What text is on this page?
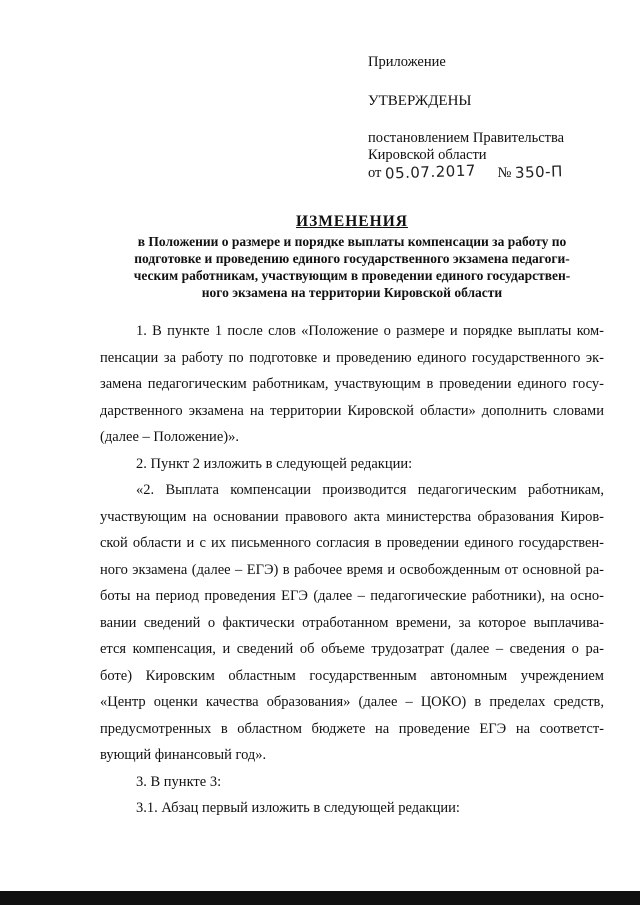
Приложение
УТВЕРЖДЕНЫ
постановлением Правительства
Кировской области
от 05.07.2017 № 350-П
ИЗМЕНЕНИЯ
в Положении о размере и порядке выплаты компенсации за работу по
подготовке и проведению единого государственного экзамена педагоги-
ческим работникам, участвующим в проведении единого государствен-
ного экзамена на территории Кировской области
1. В пункте 1 после слов «Положение о размере и порядке выплаты ком-
пенсации за работу по подготовке и проведению единого государственного эк-
замена педагогическим работникам, участвующим в проведении единого госу-
дарственного экзамена на территории Кировской области» дополнить словами
(далее – Положение)».
2. Пункт 2 изложить в следующей редакции:
«2. Выплата компенсации производится педагогическим работникам,
участвующим на основании правового акта министерства образования Киров-
ской области и с их письменного согласия в проведении единого государствен-
ного экзамена (далее – ЕГЭ) в рабочее время и освобожденным от основной ра-
боты на период проведения ЕГЭ (далее – педагогические работники), на осно-
вании сведений о фактически отработанном времени, за которое выплачива-
ется компенсация, и сведений об объеме трудозатрат (далее – сведения о ра-
боте) Кировским областным государственным автономным учреждением
«Центр оценки качества образования» (далее – ЦОКО) в пределах средств,
предусмотренных в областном бюджете на проведение ЕГЭ на соответст-
вующий финансовый год».
3. В пункте 3:
3.1. Абзац первый изложить в следующей редакции:
